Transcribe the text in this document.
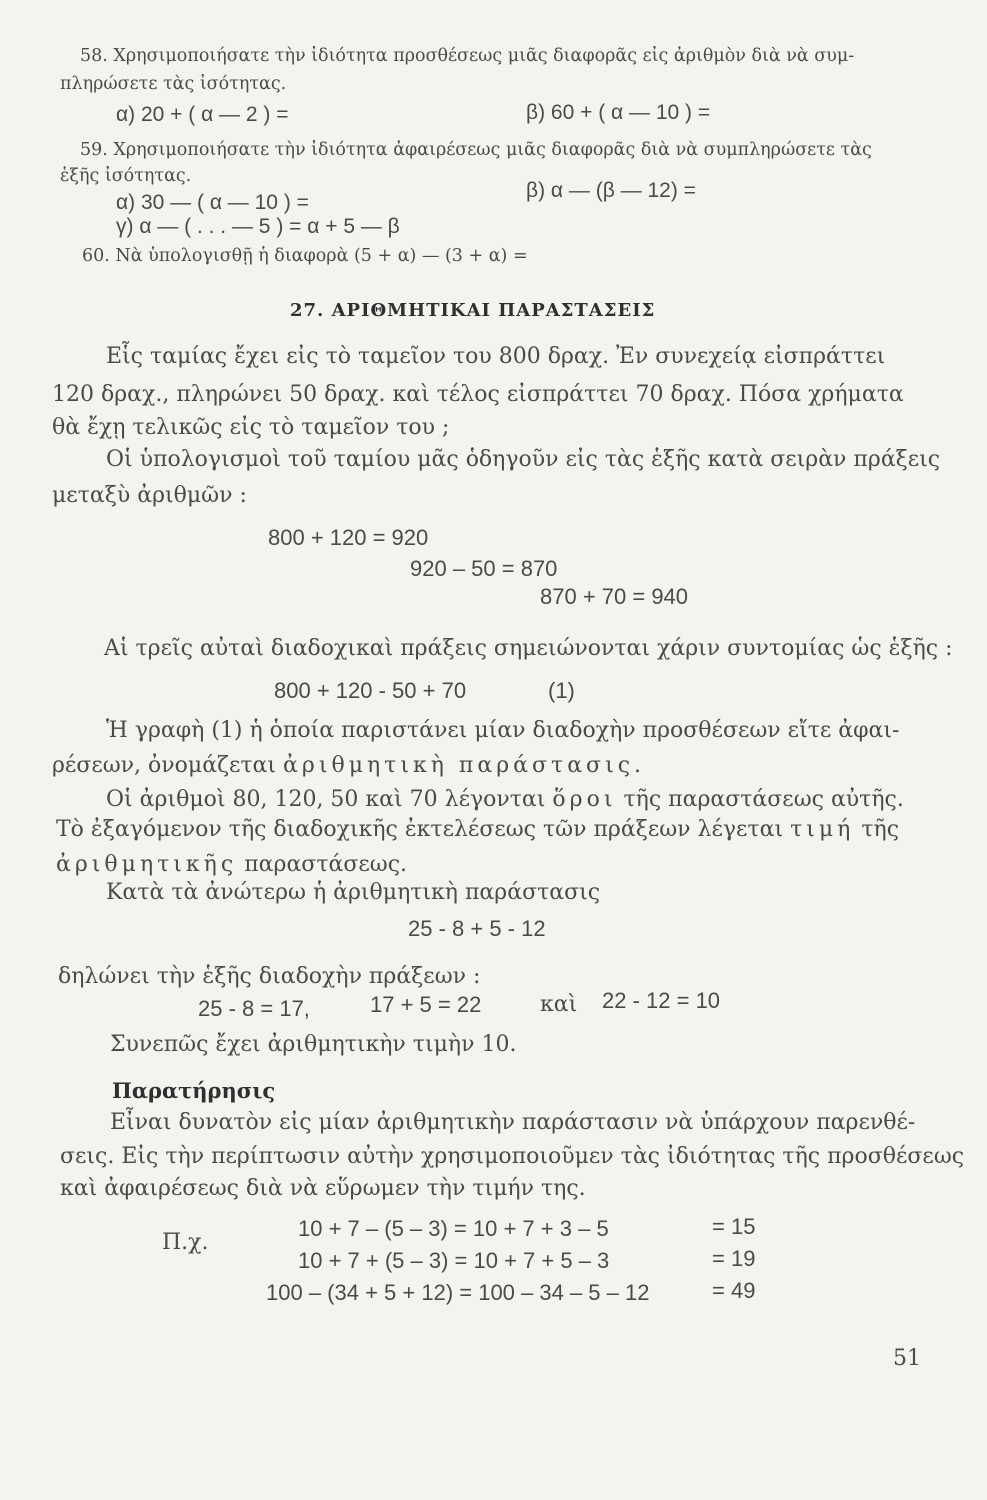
58. Χρησιμοποιήσατε τὴν ἰδιότητα προσθέσεως μιᾶς διαφορᾶς εἰς ἀριθμὸν διὰ νὰ συμ-

πληρώσετε τὰς ἰσότητας.

α) 20 + ( α — 2 ) =	β) 60 + ( α — 10 ) =

59. Χρησιμοποιήσατε τὴν ἰδιότητα ἀφαιρέσεως μιᾶς διαφορᾶς διὰ νὰ συμπληρώσετε τὰς

ἑξῆς ἰσότητας.

α) 30 — ( α — 10 ) =

β) α — (β — 12) =

γ) α — ( . . . — 5 ) = α + 5 — β

60. Νὰ ὑπολογισθῇ ἡ διαφορὰ (5 + α) — (3 + α) =

27. ΑΡΙΘΜΗΤΙΚΑΙ ΠΑΡΑΣΤΑΣΕΙΣ

Εἷς ταμίας ἔχει εἰς τὸ ταμεῖον του 800 δραχ. Ἐν συνεχείᾳ εἰσπράττει

120 δραχ., πληρώνει 50 δραχ. καὶ τέλος εἰσπράττει 70 δραχ. Πόσα χρήματα

θὰ ἔχῃ τελικῶς εἰς τὸ ταμεῖον του ;

Οἱ ὑπολογισμοὶ τοῦ ταμίου μᾶς ὁδηγοῦν εἰς τὰς ἑξῆς κατὰ σειρὰν πράξεις

μεταξὺ ἀριθμῶν :

800 + 120 = 920

920 – 50 = 870

870 + 70 = 940

Αἱ τρεῖς αὐταὶ διαδοχικαὶ πράξεις σημειώνονται χάριν συντομίας ὡς ἑξῆς :

800 + 120 - 50 + 70	(1)

Ἡ γραφὴ (1) ἡ ὁποία παριστάνει μίαν διαδοχὴν προσθέσεων εἴτε ἀφαι-

ρέσεων, ὀνομάζεται ἀριθμητικὴ παράστασις.

Οἱ ἀριθμοὶ 80, 120, 50 καὶ 70 λέγονται ὅροι τῆς παραστάσεως αὐτῆς.

Τὸ ἐξαγόμενον τῆς διαδοχικῆς ἐκτελέσεως τῶν πράξεων λέγεται τιμή τῆς

ἀριθμητικῆς παραστάσεως.

Κατὰ τὰ ἀνώτερω ἡ ἀριθμητικὴ παράστασις

25 - 8 + 5 - 12

δηλώνει τὴν ἑξῆς διαδοχὴν πράξεων :

25 - 8 = 17,	17 + 5 = 22	καὶ 22 - 12 = 10

Συνεπῶς ἔχει ἀριθμητικὴν τιμὴν 10.

Παρατήρησις

Εἶναι δυνατὸν εἰς μίαν ἀριθμητικὴν παράστασιν νὰ ὑπάρχουν παρενθέ-

σεις. Εἰς τὴν περίπτωσιν αὐτὴν χρησιμοποιοῦμεν τὰς ἰδιότητας τῆς προσθέσεως

καὶ ἀφαιρέσεως διὰ νὰ εὕρωμεν τὴν τιμήν της.

Π.χ.

10 + 7 – (5 – 3) = 10 + 7 + 3 – 5	= 15

10 + 7 + (5 – 3) = 10 + 7 + 5 – 3	= 19

100 – (34 + 5 + 12) = 100 – 34 – 5 – 12	= 49

51
